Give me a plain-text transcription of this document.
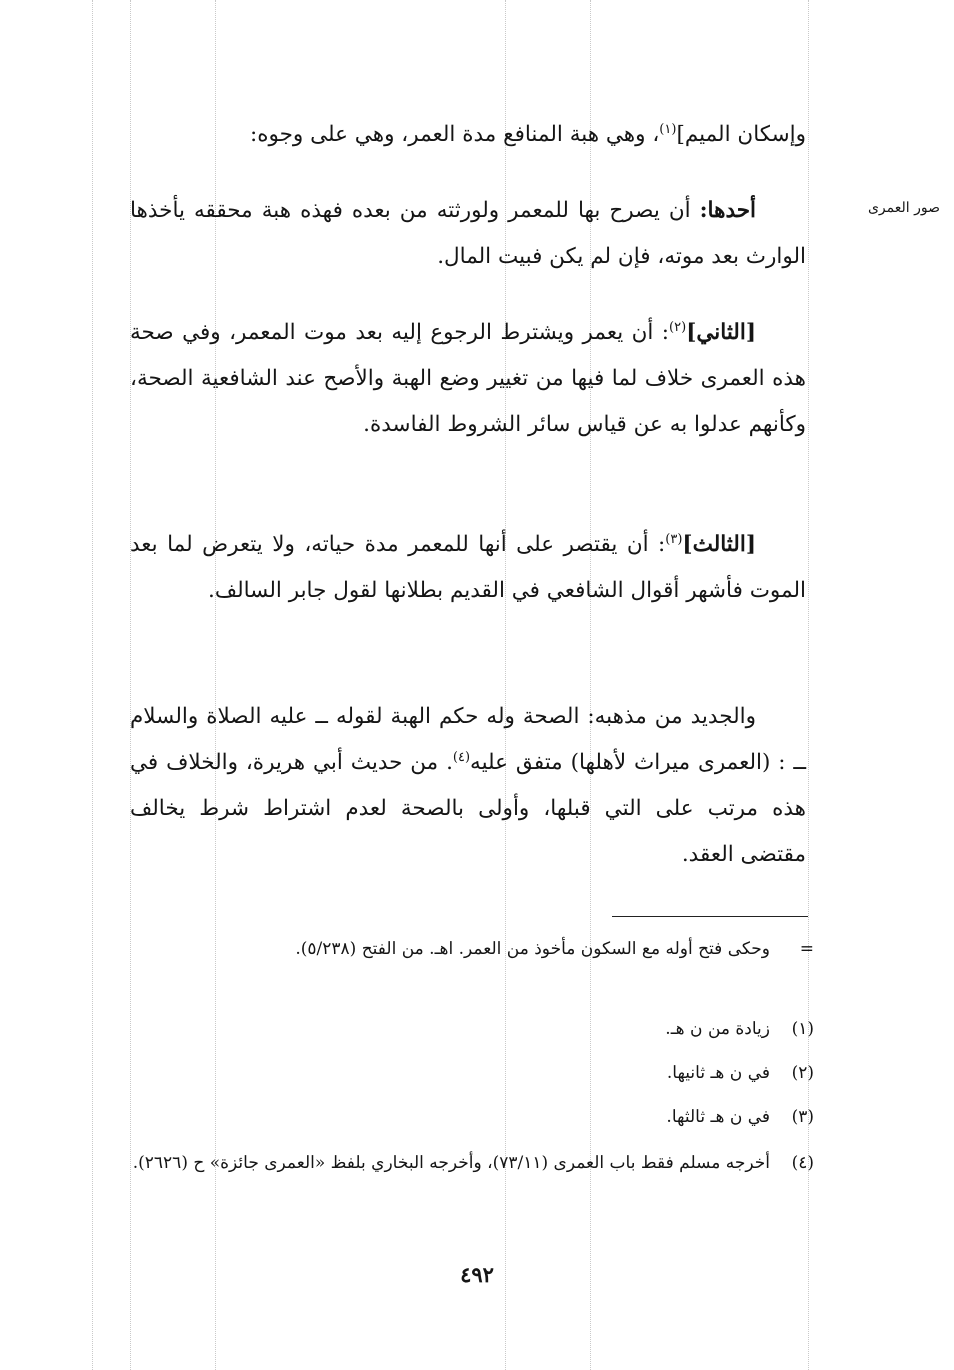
صور العمرى
وإسكان الميم]$^{(١)}$، وهي هبة المنافع مدة العمر، وهي على وجوه:
أحدها: أن يصرح بها للمعمر ولورثته من بعده فهذه هبة محققه يأخذها الوارث بعد موته، فإن لم يكن فبيت المال.
[الثاني]$^{(٢)}$: أن يعمر ويشترط الرجوع إليه بعد موت المعمر، وفي صحة هذه العمرى خلاف لما فيها من تغيير وضع الهبة والأصح عند الشافعية الصحة، وكأنهم عدلوا به عن قياس سائر الشروط الفاسدة.
[الثالث]$^{(٣)}$: أن يقتصر على أنها للمعمر مدة حياته، ولا يتعرض لما بعد الموت فأشهر أقوال الشافعي في القديم بطلانها لقول جابر السالف.
والجديد من مذهبه: الصحة وله حكم الهبة لقوله ــ عليه الصلاة والسلام ــ : (العمرى ميراث لأهلها) متفق عليه$^{(٤)}$. من حديث أبي هريرة، والخلاف في هذه مرتب على التي قبلها، وأولى بالصحة لعدم اشتراط شرط يخالف مقتضى العقد.
=وحكى فتح أوله مع السكون مأخوذ من العمر. اهـ. من الفتح (٥/٢٣٨).
(١)زيادة من ن هـ.
(٢)في ن هـ ثانيها.
(٣)في ن هـ ثالثها.
(٤)أخرجه مسلم فقط باب العمرى (٧٣/١١)، وأخرجه البخاري بلفظ «العمرى جائزة» ح (٢٦٢٦).
٤٩٢
